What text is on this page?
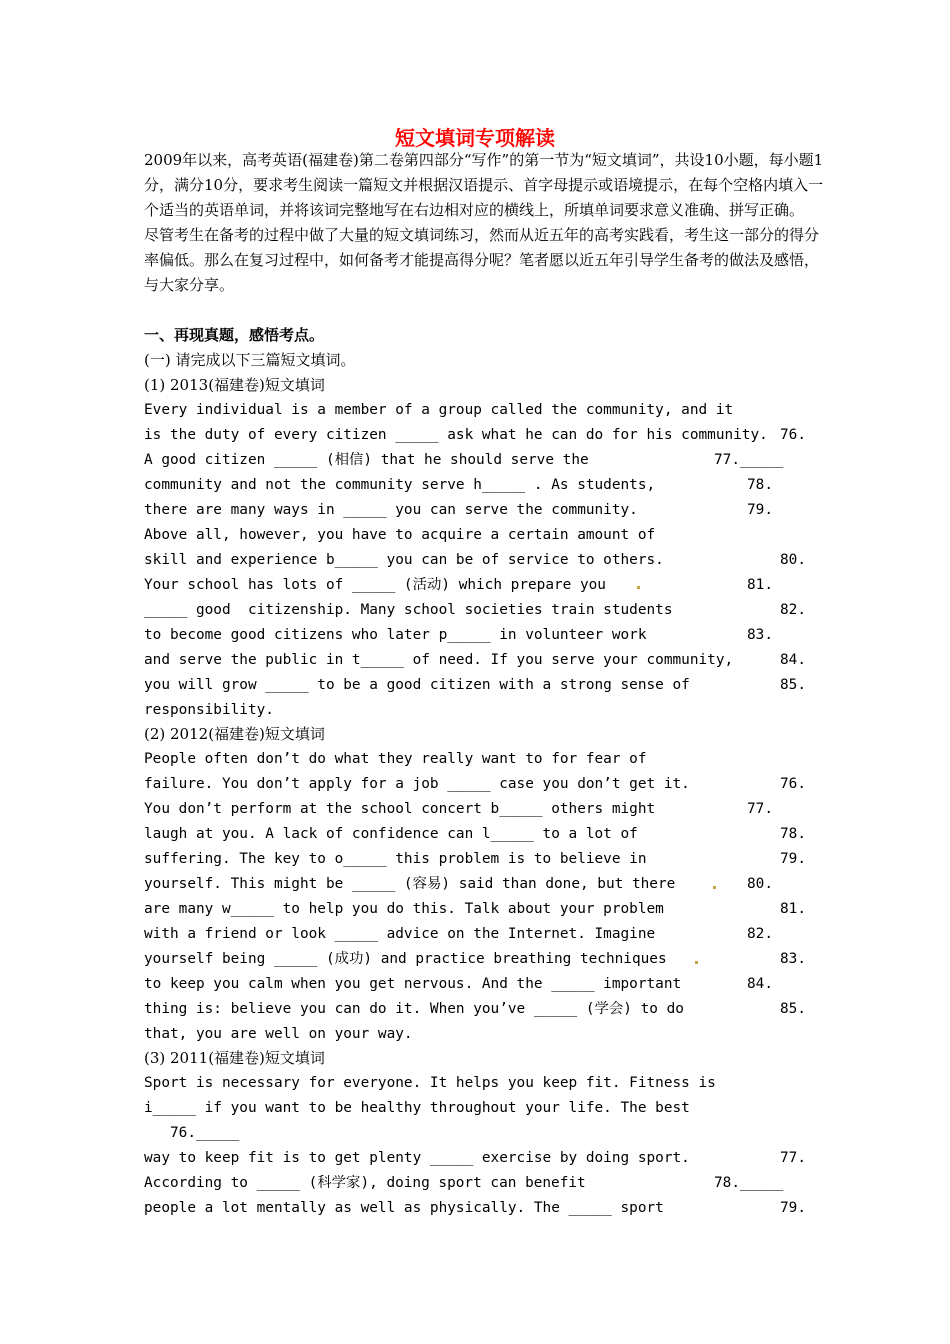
短文填词专项解读

2009年以来，高考英语(福建卷)第二卷第四部分“写作”的第一节为“短文填词”，共设10小题，每小题1分，满分10分，要求考生阅读一篇短文并根据汉语提示、首字母提示或语境提示，在每个空格内填入一个适当的英语单词，并将该词完整地写在右边相对应的横线上，所填单词要求意义准确、拼写正确。

尽管考生在备考的过程中做了大量的短文填词练习，然而从近五年的高考实践看，考生这一部分的得分率偏低。那么在复习过程中，如何备考才能提高得分呢？笔者愿以近五年引导学生备考的做法及感悟，与大家分享。

一、再现真题，感悟考点。
(一) 请完成以下三篇短文填词。
(1) 2013(福建卷)短文填词
Every individual is a member of a group called the community, and it
is the duty of every citizen _____ ask what he can do for his community.
A good citizen _____ (相信) that he should serve the
community and not the community serve h_____ . As students,
there are many ways in _____ you can serve the community.
Above all, however, you have to acquire a certain amount of
skill and experience b_____ you can be of service to others.
Your school has lots of _____ (活动) which prepare you
_____ good  citizenship. Many school societies train students
to become good citizens who later p_____ in volunteer work
and serve the public in t_____ of need. If you serve your community,
you will grow _____ to be a good citizen with a strong sense of
responsibility.
76.
77._____
78.
79.
80.
81.
82.
83.
84.
85.
(2) 2012(福建卷)短文填词
People often don’t do what they really want to for fear of
failure. You don’t apply for a job _____ case you don’t get it.
You don’t perform at the school concert b_____ others might
laugh at you. A lack of confidence can l_____ to a lot of
suffering. The key to o_____ this problem is to believe in
yourself. This might be _____ (容易) said than done, but there
are many w_____ to help you do this. Talk about your problem
with a friend or look _____ advice on the Internet. Imagine
yourself being _____ (成功) and practice breathing techniques
to keep you calm when you get nervous. And the _____ important
thing is: believe you can do it. When you’ve _____ (学会) to do
that, you are well on your way.
76.
77.
78.
79.
80.
81.
82.
83.
84.
85.
(3) 2011(福建卷)短文填词
Sport is necessary for everyone. It helps you keep fit. Fitness is
i_____ if you want to be healthy throughout your life. The best
76._____
way to keep fit is to get plenty _____ exercise by doing sport.
According to _____ (科学家), doing sport can benefit
people a lot mentally as well as physically. The _____ sport
77.
78._____
79.
